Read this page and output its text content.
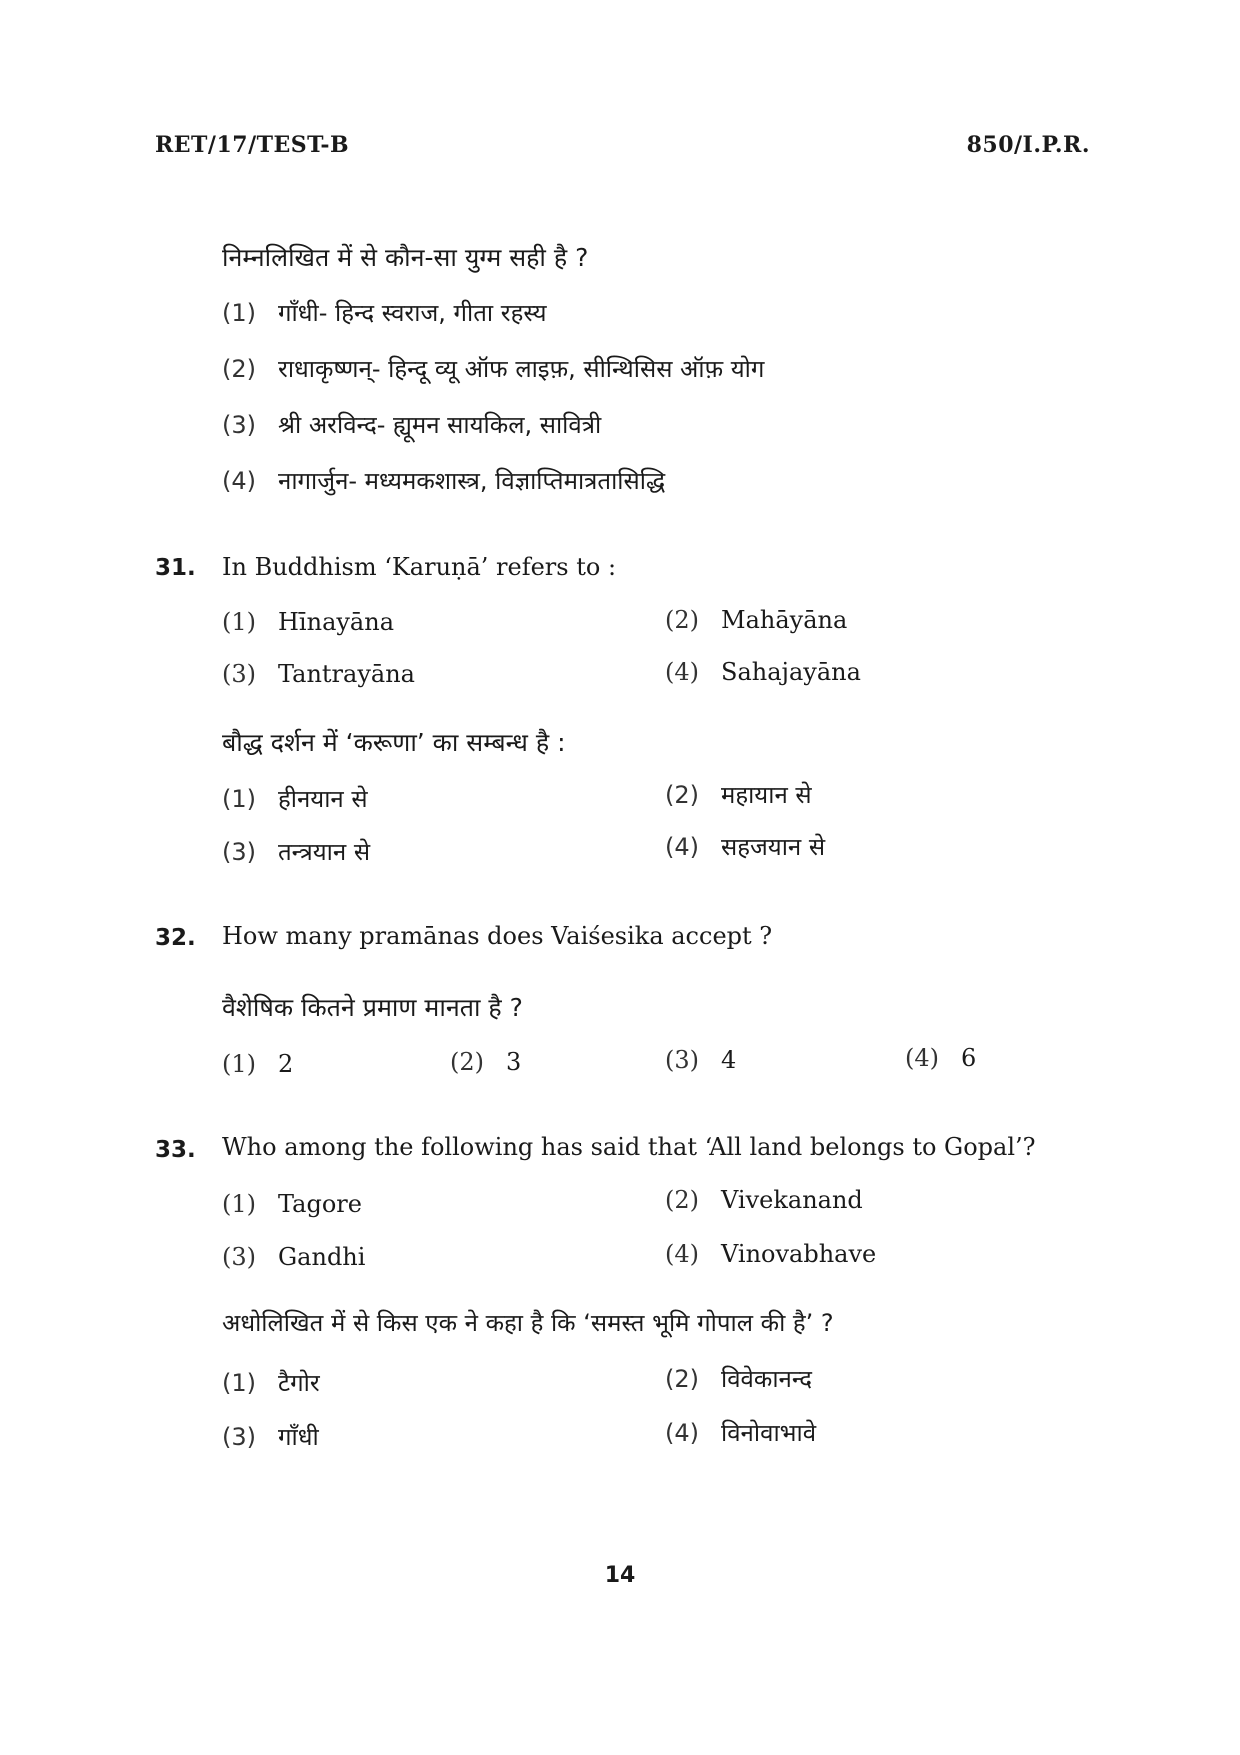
RET/17/TEST-B	850/I.P.R.
निम्नलिखित में से कौन-सा युग्म सही है ?
(1) गाँधी- हिन्द स्वराज, गीता रहस्य
(2) राधाकृष्णन्- हिन्दू व्यू ऑफ लाइफ़, सीन्थिसिस ऑफ़ योग
(3) श्री अरविन्द- ह्यूमन सायकिल, सावित्री
(4) नागार्जुन- मध्यमकशास्त्र, विज्ञाप्तिमात्रतासिद्धि
31. In Buddhism ‘Karuṇā’ refers to :
(1) Hīnayāna	(2) Mahāyāna
(3) Tantrayāna	(4) Sahajayāna
बौद्ध दर्शन में ‘करूणा’ का सम्बन्ध है :
(1) हीनयान से	(2) महायान से
(3) तन्त्रयान से	(4) सहजयान से
32. How many pramānas does Vaiśesika accept ?
वैशेषिक कितने प्रमाण मानता है ?
(1) 2	(2) 3	(3) 4	(4) 6
33. Who among the following has said that ‘All land belongs to Gopal’?
(1) Tagore	(2) Vivekanand
(3) Gandhi	(4) Vinovabhave
अधोलिखित में से किस एक ने कहा है कि ‘समस्त भूमि गोपाल की है’ ?
(1) टैगोर	(2) विवेकानन्द
(3) गाँधी	(4) विनोवाभावे
14
